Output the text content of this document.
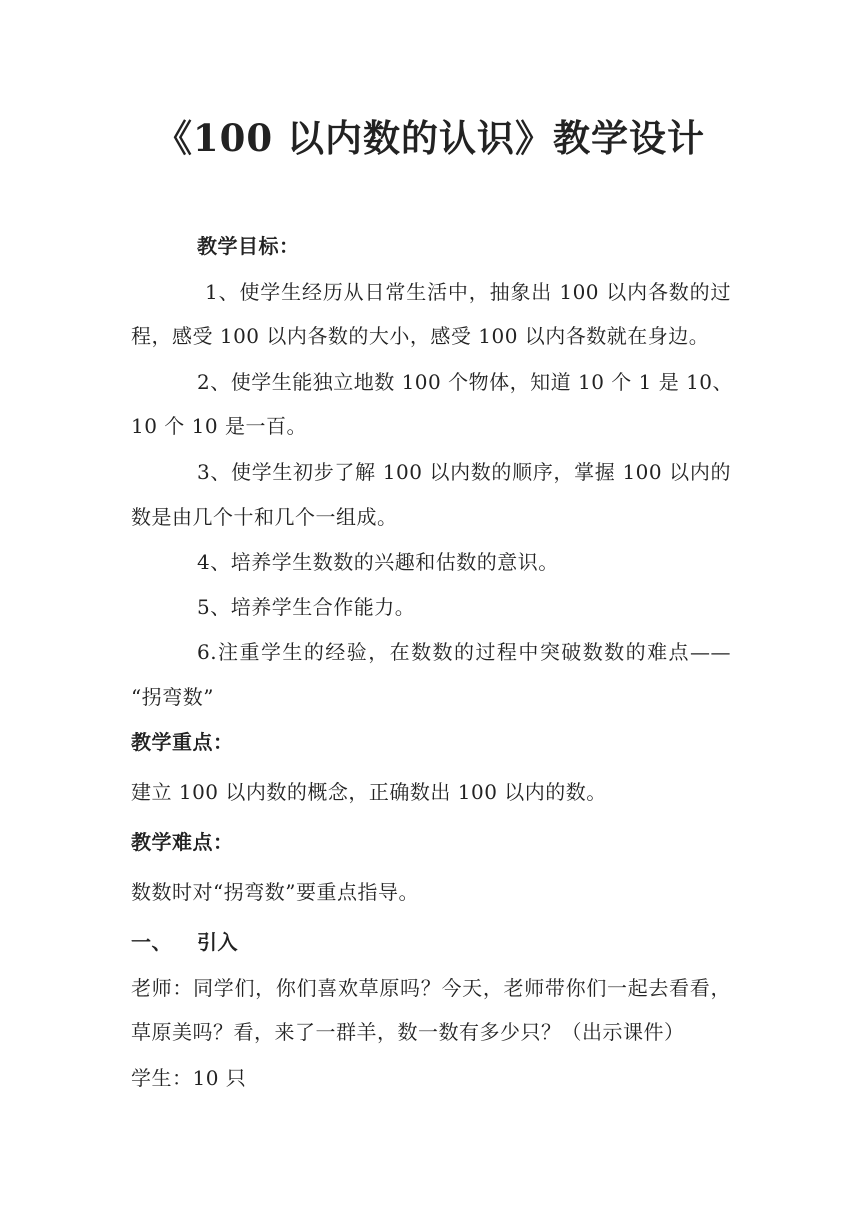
《100 以内数的认识》教学设计
教学目标：
1、使学生经历从日常生活中，抽象出 100 以内各数的过
程，感受 100 以内各数的大小，感受 100 以内各数就在身边。
2、使学生能独立地数 100 个物体，知道 10 个 1 是 10、
10 个 10 是一百。
3、使学生初步了解 100 以内数的顺序，掌握 100 以内的
数是由几个十和几个一组成。
4、培养学生数数的兴趣和估数的意识。
5、培养学生合作能力。
6.注重学生的经验，在数数的过程中突破数数的难点——
“拐弯数”
教学重点：
建立 100 以内数的概念，正确数出 100 以内的数。
教学难点：
数数时对“拐弯数”要重点指导。
一、 引入
老师：同学们，你们喜欢草原吗？今天，老师带你们一起去看看，
草原美吗？看，来了一群羊，数一数有多少只？（出示课件）
学生：10 只
